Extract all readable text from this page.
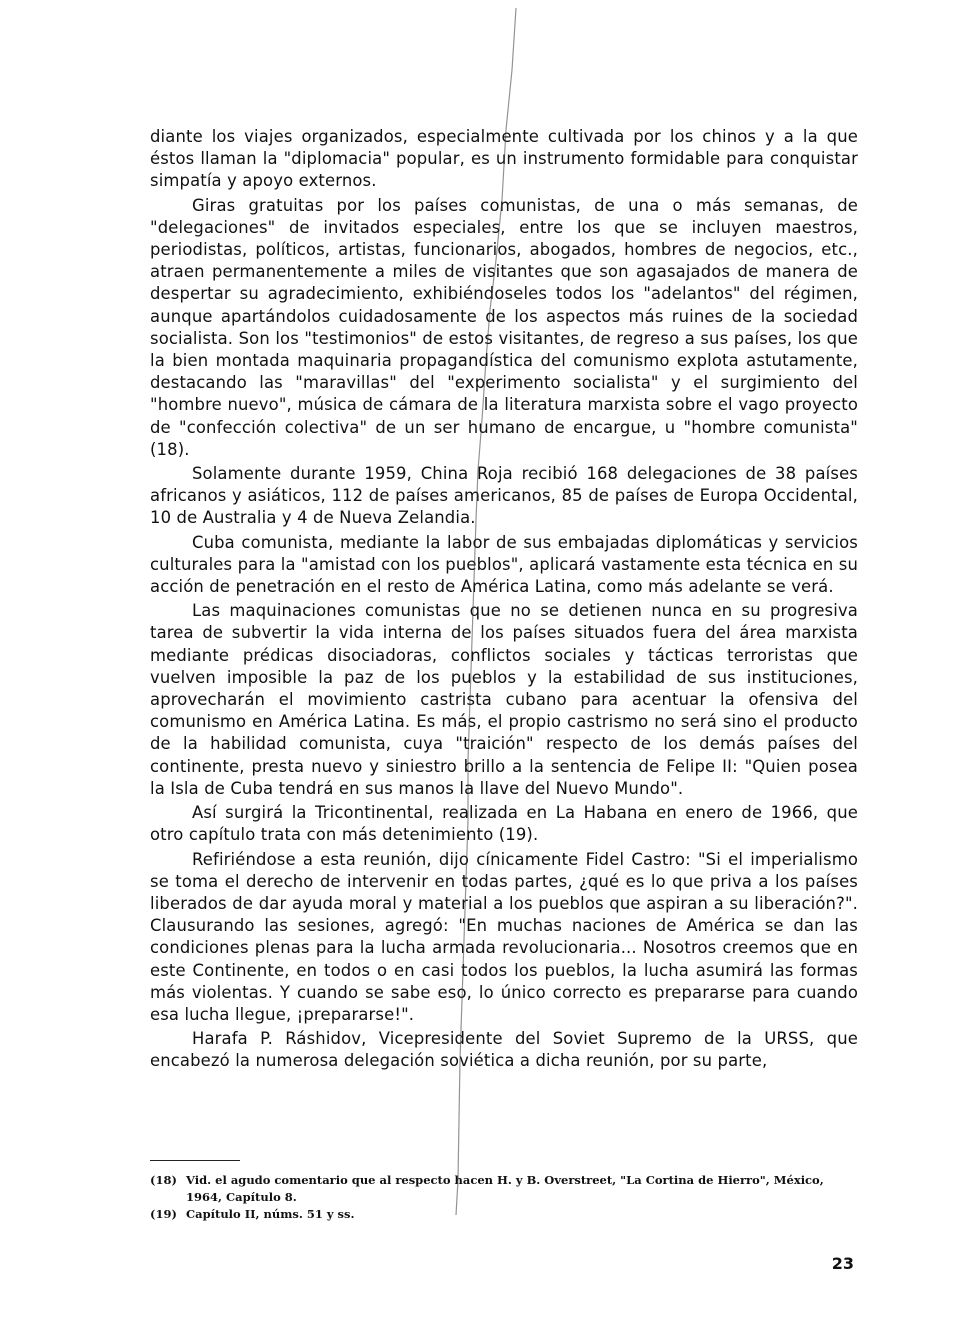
diante los viajes organizados, especialmente cultivada por los chinos y a la que éstos llaman la "diplomacia" popular, es un instrumento formidable para conquistar simpatía y apoyo externos.

Giras gratuitas por los países comunistas, de una o más semanas, de "delegaciones" de invitados especiales, entre los que se incluyen maestros, periodistas, políticos, artistas, funcionarios, abogados, hombres de negocios, etc., atraen permanentemente a miles de visitantes que son agasajados de manera de despertar su agradecimiento, exhibiéndoseles todos los "adelantos" del régimen, aunque apartándolos cuidadosamente de los aspectos más ruines de la sociedad socialista. Son los "testimonios" de estos visitantes, de regreso a sus países, los que la bien montada maquinaria propagandística del comunismo explota astutamente, destacando las "maravillas" del "experimento socialista" y el surgimiento del "hombre nuevo", música de cámara de la literatura marxista sobre el vago proyecto de "confección colectiva" de un ser humano de encargue, u "hombre comunista" (18).

Solamente durante 1959, China Roja recibió 168 delegaciones de 38 países africanos y asiáticos, 112 de países americanos, 85 de países de Europa Occidental, 10 de Australia y 4 de Nueva Zelandia.

Cuba comunista, mediante la labor de sus embajadas diplomáticas y servicios culturales para la "amistad con los pueblos", aplicará vastamente esta técnica en su acción de penetración en el resto de América Latina, como más adelante se verá.

Las maquinaciones comunistas que no se detienen nunca en su progresiva tarea de subvertir la vida interna de los países situados fuera del área marxista mediante prédicas disociadoras, conflictos sociales y tácticas terroristas que vuelven imposible la paz de los pueblos y la estabilidad de sus instituciones, aprovecharán el movimiento castrista cubano para acentuar la ofensiva del comunismo en América Latina. Es más, el propio castrismo no será sino el producto de la habilidad comunista, cuya "traición" respecto de los demás países del continente, presta nuevo y siniestro brillo a la sentencia de Felipe II: "Quien posea la Isla de Cuba tendrá en sus manos la llave del Nuevo Mundo".

Así surgirá la Tricontinental, realizada en La Habana en enero de 1966, que otro capítulo trata con más detenimiento (19).

Refiriéndose a esta reunión, dijo cínicamente Fidel Castro: "Si el imperialismo se toma el derecho de intervenir en todas partes, ¿qué es lo que priva a los países liberados de dar ayuda moral y material a los pueblos que aspiran a su liberación?". Clausurando las sesiones, agregó: "En muchas naciones de América se dan las condiciones plenas para la lucha armada revolucionaria... Nosotros creemos que en este Continente, en todos o en casi todos los pueblos, la lucha asumirá las formas más violentas. Y cuando se sabe eso, lo único correcto es prepararse para cuando esa lucha llegue, ¡prepararse!".

Harafa P. Ráshidov, Vicepresidente del Soviet Supremo de la URSS, que encabezó la numerosa delegación soviética a dicha reunión, por su parte,

(18) Vid. el agudo comentario que al respecto hacen H. y B. Overstreet, "La Cortina de Hierro", México, 1964, Capítulo 8.
(19) Capítulo II, núms. 51 y ss.
23
